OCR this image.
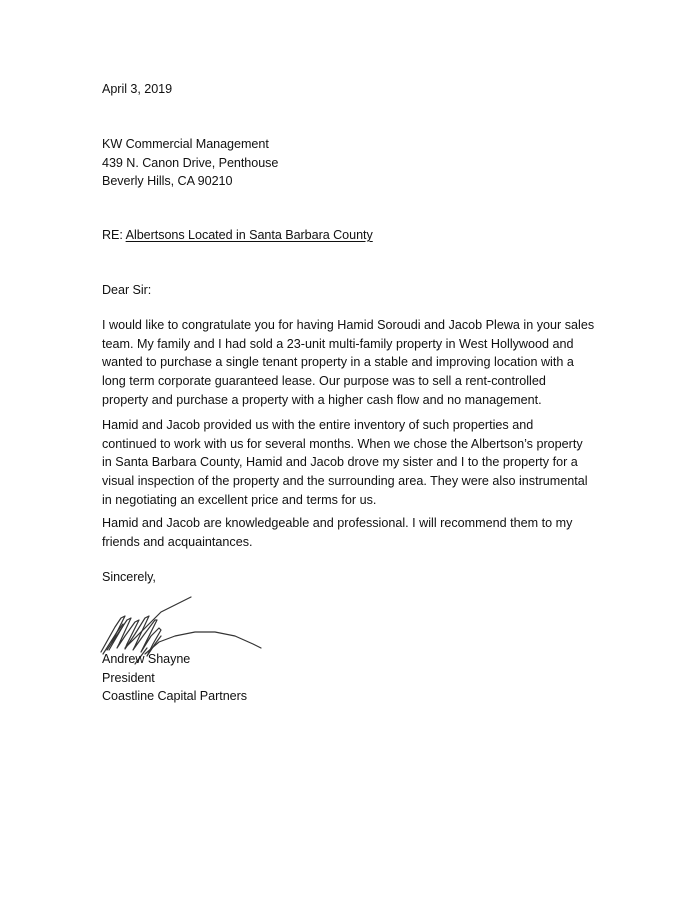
April 3, 2019
KW Commercial Management
439 N. Canon Drive, Penthouse
Beverly Hills, CA 90210
RE: Albertsons Located in Santa Barbara County
Dear Sir:
I would like to congratulate you for having Hamid Soroudi and Jacob Plewa in your sales
team. My family and I had sold a 23-unit multi-family property in West Hollywood and
wanted to purchase a single tenant property in a stable and improving location with a
long term corporate guaranteed lease. Our purpose was to sell a rent-controlled
property and purchase a property with a higher cash flow and no management.
Hamid and Jacob provided us with the entire inventory of such properties and
continued to work with us for several months. When we chose the Albertson’s property
in Santa Barbara County, Hamid and Jacob drove my sister and I to the property for a
visual inspection of the property and the surrounding area. They were also instrumental
in negotiating an excellent price and terms for us.
Hamid and Jacob are knowledgeable and professional. I will recommend them to my
friends and acquaintances.
Sincerely,
Andrew Shayne
President
Coastline Capital Partners
